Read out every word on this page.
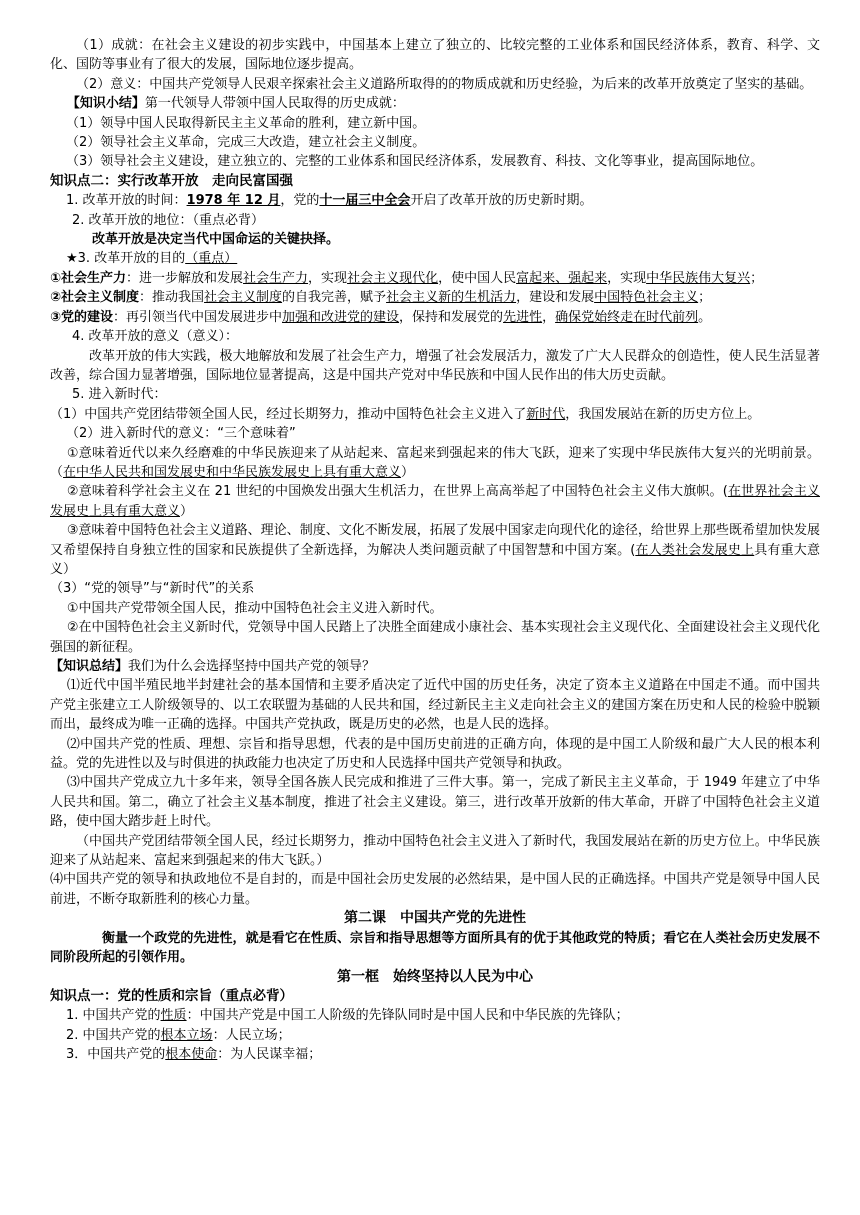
（1）成就：在社会主义建设的初步实践中，中国基本上建立了独立的、比较完整的工业体系和国民经济体系，教育、科学、文化、国防等事业有了很大的发展，国际地位逐步提高。

（2）意义：中国共产党领导人民艰辛探索社会主义道路所取得的的物质成就和历史经验，为后来的改革开放奠定了坚实的基础。

【知识小结】第一代领导人带领中国人民取得的历史成就：

（1）领导中国人民取得新民主主义革命的胜利，建立新中国。

（2）领导社会主义革命，完成三大改造，建立社会主义制度。

（3）领导社会主义建设，建立独立的、完整的工业体系和国民经济体系，发展教育、科技、文化等事业，提高国际地位。

知识点二：实行改革开放　走向民富国强

1. 改革开放的时间：1978 年 12 月，党的十一届三中全会开启了改革开放的历史新时期。

2. 改革开放的地位：（重点必背）

改革开放是决定当代中国命运的关键抉择。

★3. 改革开放的目的（重点）

①社会生产力：进一步解放和发展社会生产力，实现社会主义现代化，使中国人民富起来、强起来，实现中华民族伟大复兴；

②社会主义制度：推动我国社会主义制度的自我完善，赋予社会主义新的生机活力，建设和发展中国特色社会主义；

③党的建设：再引领当代中国发展进步中加强和改进党的建设，保持和发展党的先进性，确保党始终走在时代前列。

4. 改革开放的意义（意义）：

改革开放的伟大实践，极大地解放和发展了社会生产力，增强了社会发展活力，激发了广大人民群众的创造性，使人民生活显著改善，综合国力显著增强，国际地位显著提高，这是中国共产党对中华民族和中国人民作出的伟大历史贡献。

5. 进入新时代：

（1）中国共产党团结带领全国人民，经过长期努力，推动中国特色社会主义进入了新时代，我国发展站在新的历史方位上。

（2）进入新时代的意义：“三个意味着”

①意味着近代以来久经磨难的中华民族迎来了从站起来、富起来到强起来的伟大飞跃，迎来了实现中华民族伟大复兴的光明前景。（在中华人民共和国发展史和中华民族发展史上具有重大意义）

②意味着科学社会主义在 21 世纪的中国焕发出强大生机活力，在世界上高高举起了中国特色社会主义伟大旗帜。(在世界社会主义发展史上具有重大意义）

③意味着中国特色社会主义道路、理论、制度、文化不断发展，拓展了发展中国家走向现代化的途径，给世界上那些既希望加快发展又希望保持自身独立性的国家和民族提供了全新选择，为解决人类问题贡献了中国智慧和中国方案。(在人类社会发展史上具有重大意义）

（3）“党的领导”与“新时代”的关系

①中国共产党带领全国人民，推动中国特色社会主义进入新时代。

②在中国特色社会主义新时代，党领导中国人民踏上了决胜全面建成小康社会、基本实现社会主义现代化、全面建设社会主义现代化强国的新征程。

【知识总结】我们为什么会选择坚持中国共产党的领导？

⑴近代中国半殖民地半封建社会的基本国情和主要矛盾决定了近代中国的历史任务，决定了资本主义道路在中国走不通。而中国共产党主张建立工人阶级领导的、以工农联盟为基础的人民共和国，经过新民主主义走向社会主义的建国方案在历史和人民的检验中脱颖而出，最终成为唯一正确的选择。中国共产党执政，既是历史的必然，也是人民的选择。

⑵中国共产党的性质、理想、宗旨和指导思想，代表的是中国历史前进的正确方向，体现的是中国工人阶级和最广大人民的根本利益。党的先进性以及与时俱进的执政能力也决定了历史和人民选择中国共产党领导和执政。

⑶中国共产党成立九十多年来，领导全国各族人民完成和推进了三件大事。第一，完成了新民主主义革命，于 1949 年建立了中华人民共和国。第二，确立了社会主义基本制度，推进了社会主义建设。第三，进行改革开放新的伟大革命，开辟了中国特色社会主义道路，使中国大踏步赶上时代。

（中国共产党团结带领全国人民，经过长期努力，推动中国特色社会主义进入了新时代，我国发展站在新的历史方位上。中华民族迎来了从站起来、富起来到强起来的伟大飞跃。）

⑷中国共产党的领导和执政地位不是自封的，而是中国社会历史发展的必然结果，是中国人民的正确选择。中国共产党是领导中国人民前进，不断夺取新胜利的核心力量。

第二课　中国共产党的先进性

衡量一个政党的先进性，就是看它在性质、宗旨和指导思想等方面所具有的优于其他政党的特质；看它在人类社会历史发展不同阶段所起的引领作用。

第一框　始终坚持以人民为中心

知识点一：党的性质和宗旨（重点必背）

1. 中国共产党的性质：中国共产党是中国工人阶级的先锋队同时是中国人民和中华民族的先锋队；

2. 中国共产党的根本立场：人民立场；

3．中国共产党的根本使命：为人民谋幸福；
